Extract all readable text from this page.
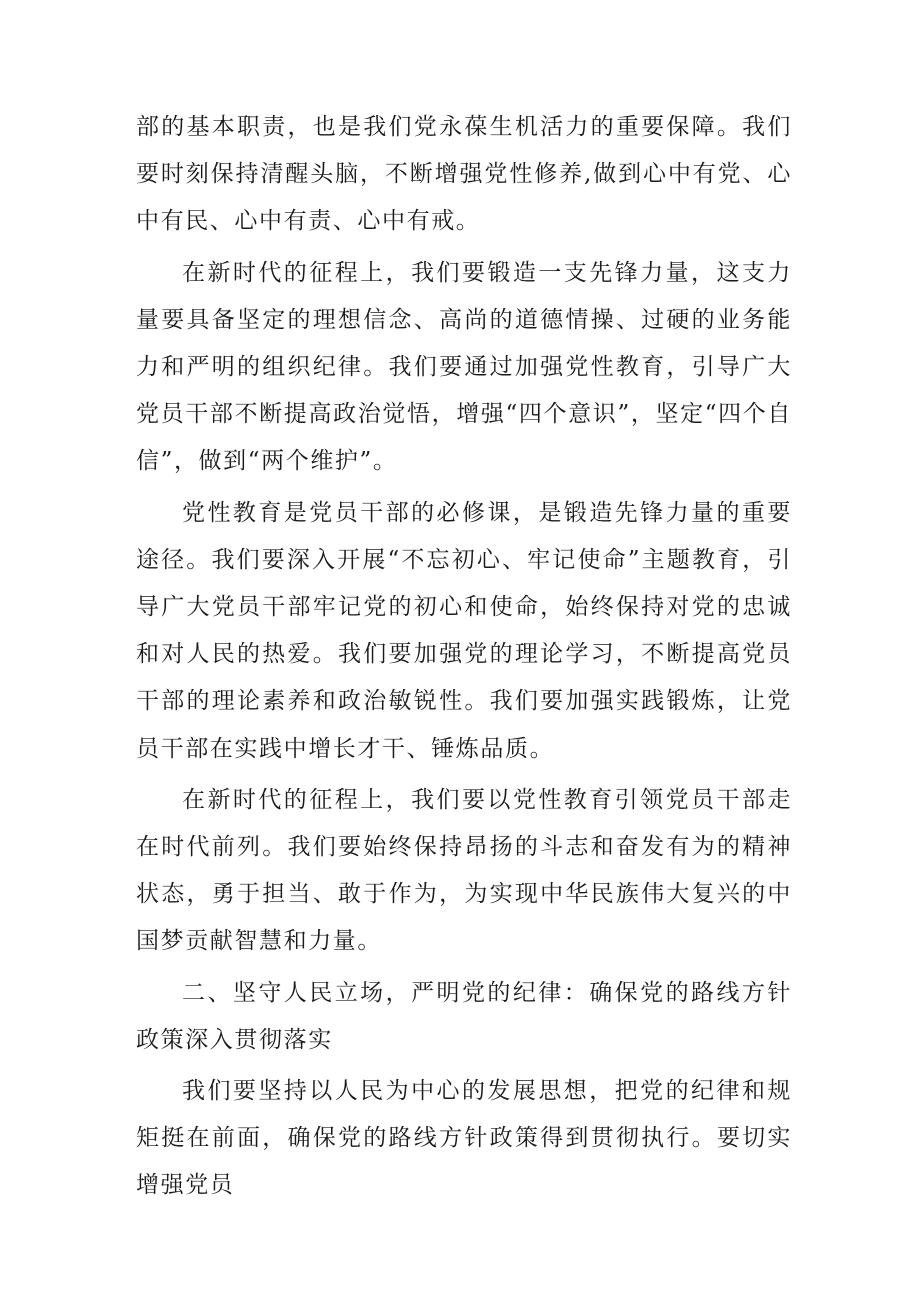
部的基本职责，也是我们党永葆生机活力的重要保障。我们要时刻保持清醒头脑，不断增强党性修养,做到心中有党、心中有民、心中有责、心中有戒。

在新时代的征程上，我们要锻造一支先锋力量，这支力量要具备坚定的理想信念、高尚的道德情操、过硬的业务能力和严明的组织纪律。我们要通过加强党性教育，引导广大党员干部不断提高政治觉悟，增强“四个意识”，坚定“四个自信”，做到“两个维护”。

党性教育是党员干部的必修课，是锻造先锋力量的重要途径。我们要深入开展“不忘初心、牢记使命”主题教育，引导广大党员干部牢记党的初心和使命，始终保持对党的忠诚和对人民的热爱。我们要加强党的理论学习，不断提高党员干部的理论素养和政治敏锐性。我们要加强实践锻炼，让党员干部在实践中增长才干、锤炼品质。

在新时代的征程上，我们要以党性教育引领党员干部走在时代前列。我们要始终保持昂扬的斗志和奋发有为的精神状态，勇于担当、敢于作为，为实现中华民族伟大复兴的中国梦贡献智慧和力量。

二、坚守人民立场，严明党的纪律：确保党的路线方针政策深入贯彻落实

我们要坚持以人民为中心的发展思想，把党的纪律和规矩挺在前面，确保党的路线方针政策得到贯彻执行。要切实增强党员
